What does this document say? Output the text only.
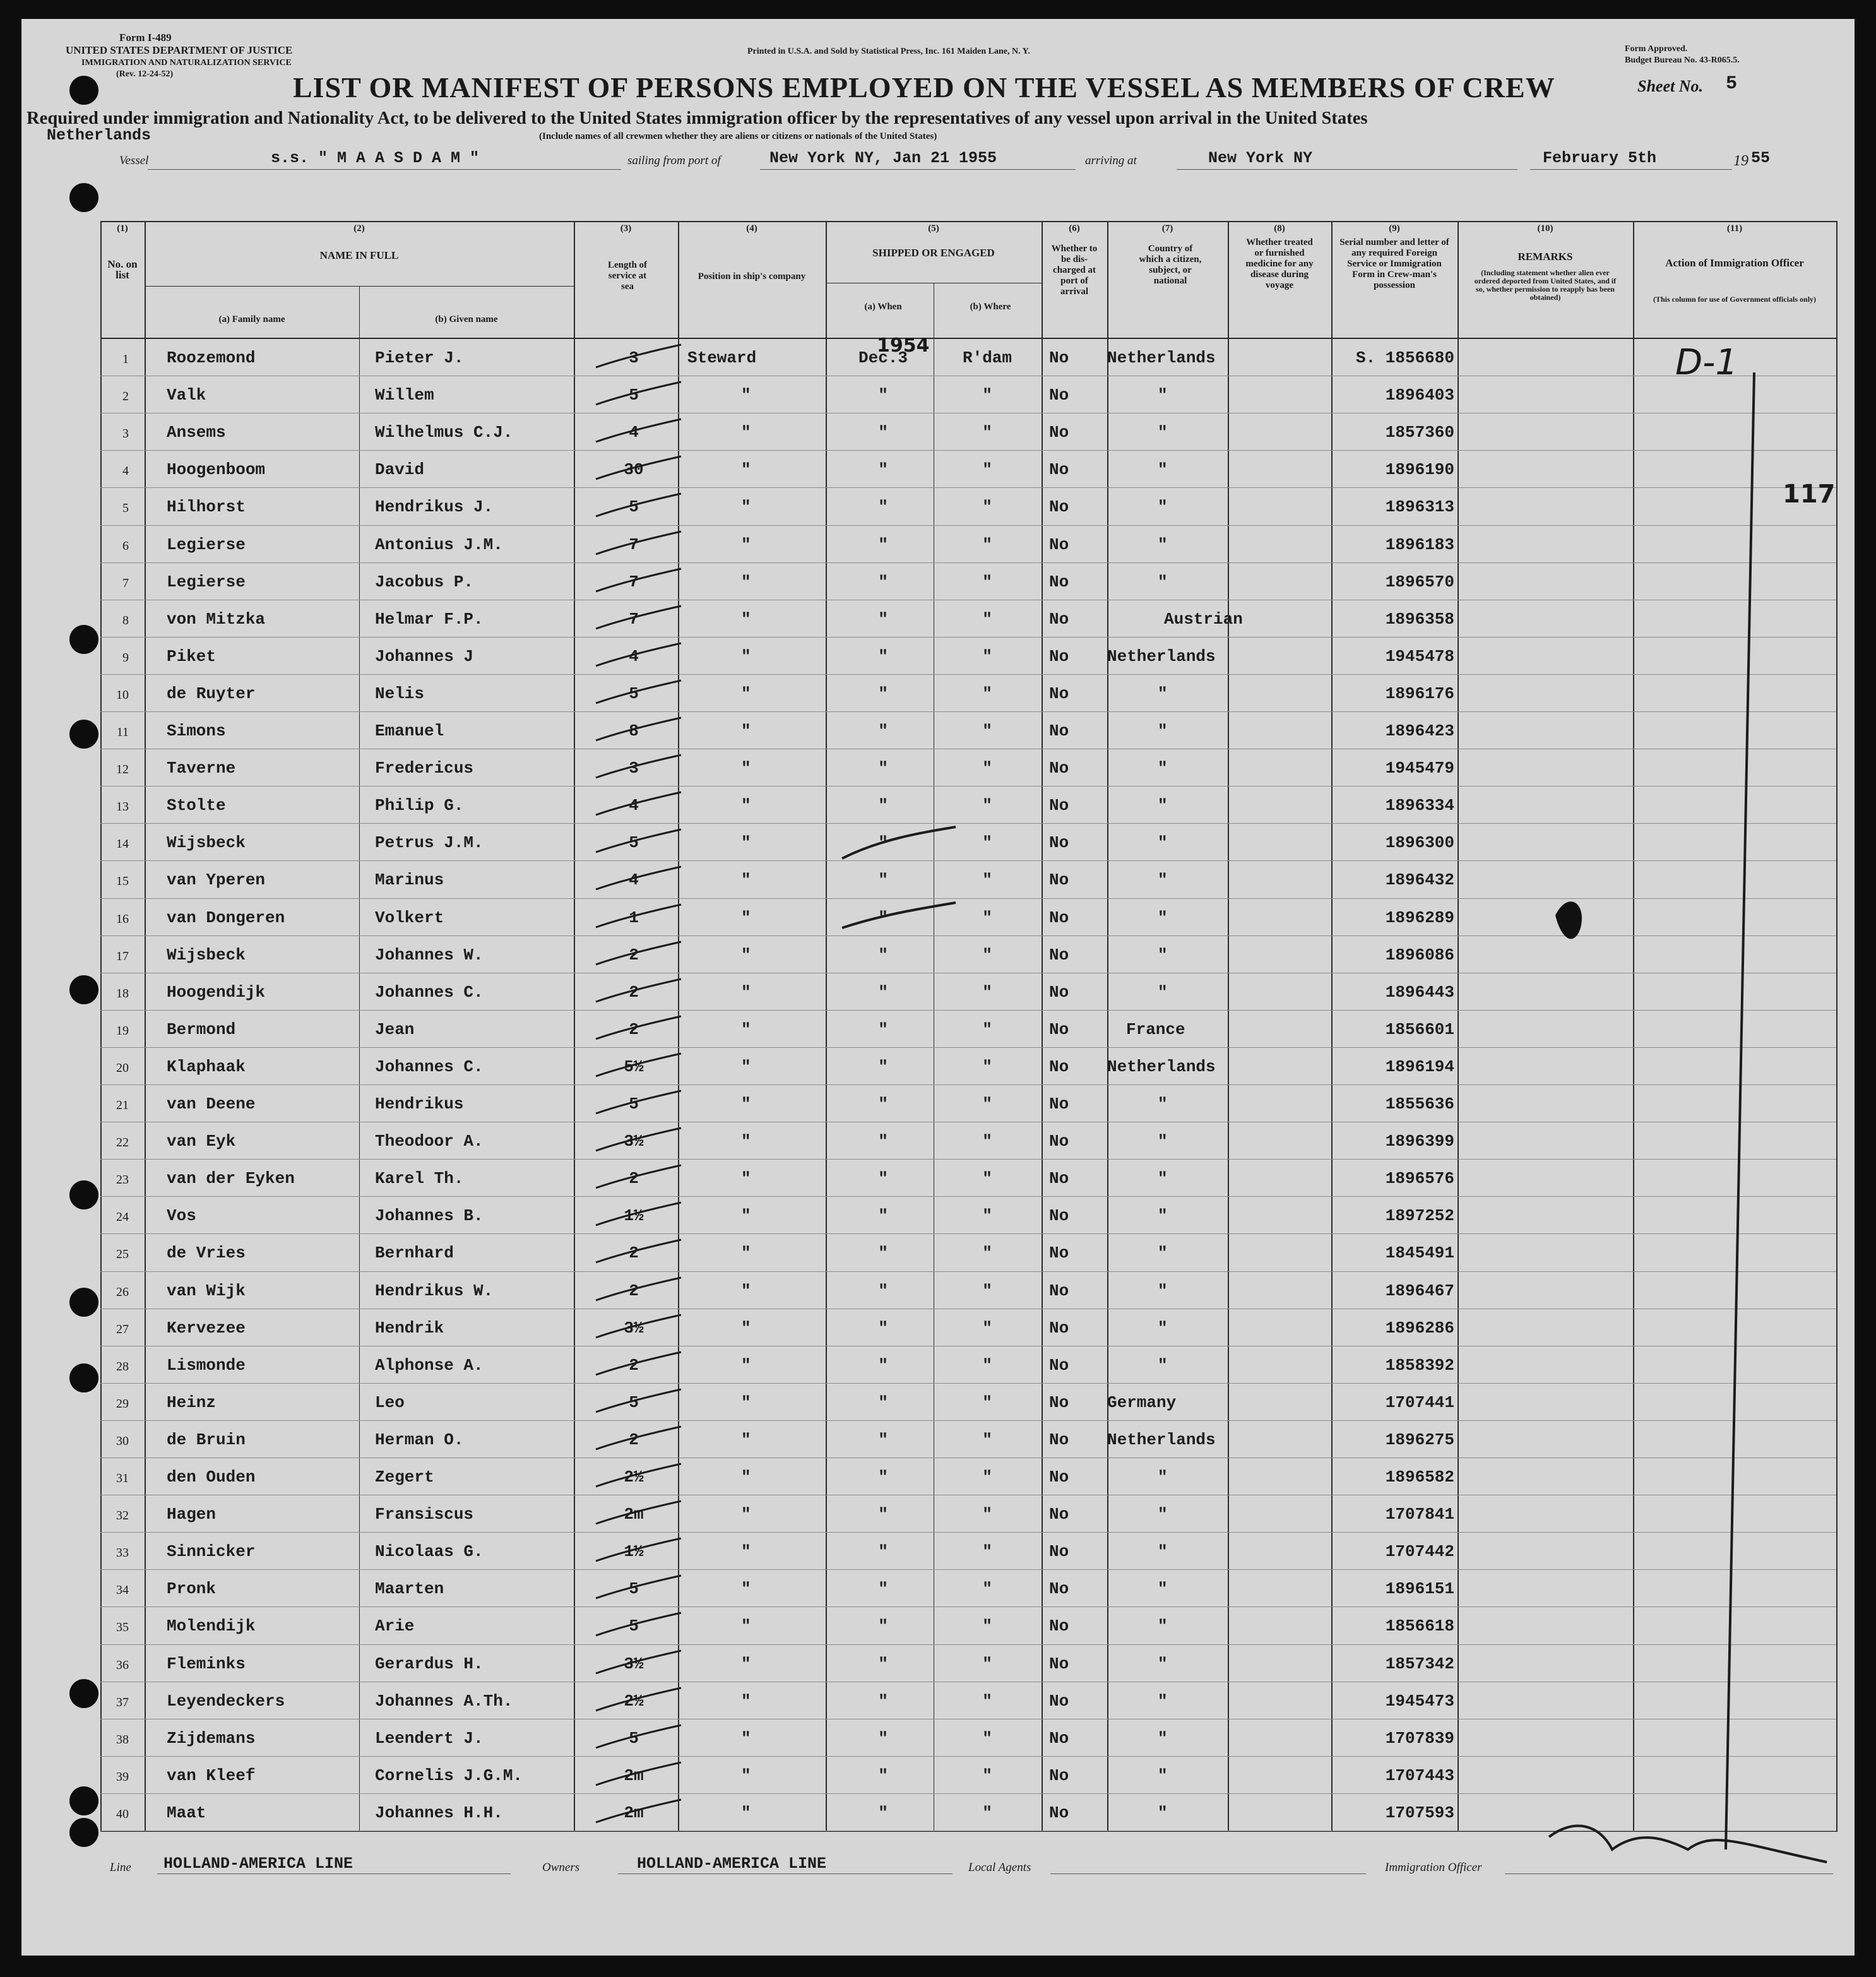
Form I-489
UNITED STATES DEPARTMENT OF JUSTICE
IMMIGRATION AND NATURALIZATION SERVICE
(Rev. 12-24-52)
Printed in U.S.A. and Sold by Statistical Press, Inc. 161 Maiden Lane, N. Y.	Form Approved.
Budget Bureau No. 43-R065.5.
LIST OR MANIFEST OF PERSONS EMPLOYED ON THE VESSEL AS MEMBERS OF CREW	Sheet No. 5
Required under immigration and Nationality Act, to be delivered to the United States immigration officer by the representatives of any vessel upon arrival in the United States
Netherlands	(Include names of all crewmen whether they are aliens or citizens or nationals of the United States)
Vessel	s.s. " M A A S D A M "	sailing from port of	New York NY, Jan 21 1955	arriving at	New York NY	February 5th	19 55
(1)	(2)	(3)	(4)	(5)	(6)	(7)	(8)	(9)	(10)	(11)
No. on list
NAME IN FULL
(a) Family name	(b) Given name
Length of service at sea
Position in ship's company
SHIPPED OR ENGAGED
(a) When	(b) Where
Whether to be dis-charged at port of arrival
Country of which a citizen, subject, or national
Whether treated or furnished medicine for any disease during voyage
Serial number and letter of any required Foreign Service or Immigration Form in Crew-man's possession
REMARKS
(Including statement whether alien ever ordered deported from United States, and if so, whether permission to reapply has been obtained)
Action of Immigration Officer
(This column for use of Government officials only)
1 Roozemond	Pieter J.	3	Steward	Dec.3	R'dam	No Netherlands	S. 1856680
2 Valk	Willem	5	"	"	"	No	"	1896403
3 Ansems	Wilhelmus C.J.	4	"	"	"	No	"	1857360
4 Hoogenboom	David	30	"	"	"	No	"	1896190
5 Hilhorst	Hendrikus J.	5	"	"	"	No	"	1896313
6 Legierse	Antonius J.M.	7	"	"	"	No	"	1896183
7 Legierse	Jacobus P.	7	"	"	"	No	"	1896570
8 von Mitzka	Helmar F.P.	7	"	"	"	No	Austrian	1896358
9 Piket	Johannes J	4	"	"	"	No Netherlands	1945478
10 de Ruyter	Nelis	5	"	"	"	No	"	1896176
11 Simons	Emanuel	8	"	"	"	No	"	1896423
12 Taverne	Fredericus	3	"	"	"	No	"	1945479
13 Stolte	Philip G.	4	"	"	"	No	"	1896334
14 Wijsbeck	Petrus J.M.	5	"	"	"	No	"	1896300
15 van Yperen	Marinus	4	"	"	"	No	"	1896432
16 van Dongeren	Volkert	1	"	"	"	No	"	1896289
17 Wijsbeck	Johannes W.	2	"	"	"	No	"	1896086
18 Hoogendijk	Johannes C.	2	"	"	"	No	"	1896443
19 Bermond	Jean	2	"	"	"	No	France	1856601
20 Klaphaak	Johannes C.	5½	"	"	"	No Netherlands	1896194
21 van Deene	Hendrikus	5	"	"	"	No	"	1855636
22 van Eyk	Theodoor A.	3½	"	"	"	No	"	1896399
23 van der Eyken	Karel Th.	2	"	"	"	No	"	1896576
24 Vos	Johannes B.	1½	"	"	"	No	"	1897252
25 de Vries	Bernhard	2	"	"	"	No	"	1845491
26 van Wijk	Hendrikus W.	2	"	"	"	No	"	1896467
27 Kervezee	Hendrik	3½	"	"	"	No	"	1896286
28 Lismonde	Alphonse A.	2	"	"	"	No	"	1858392
29 Heinz	Leo	5	"	"	"	No Germany	1707441
30 de Bruin	Herman O.	2	"	"	"	No Netherlands	1896275
31 den Ouden	Zegert	2½	"	"	"	No	"	1896582
32 Hagen	Fransiscus	2m	"	"	"	No	"	1707841
33 Sinnicker	Nicolaas G.	1½	"	"	"	No	"	1707442
34 Pronk	Maarten	5	"	"	"	No	"	1896151
35 Molendijk	Arie	5	"	"	"	No	"	1856618
36 Fleminks	Gerardus H.	3½	"	"	"	No	"	1857342
37 Leyendeckers	Johannes A.Th.	2½	"	"	"	No	"	1945473
38 Zijdemans	Leendert J.	5	"	"	"	No	"	1707839
39 van Kleef	Cornelis J.G.M.	2m	"	"	"	No	"	1707443
40 Maat	Johannes H.H.	2m	"	"	"	No	"	1707593
1954	D-1
117
Line HOLLAND-AMERICA LINE	Owners	HOLLAND-AMERICA LINE	Local Agents	Immigration Officer
